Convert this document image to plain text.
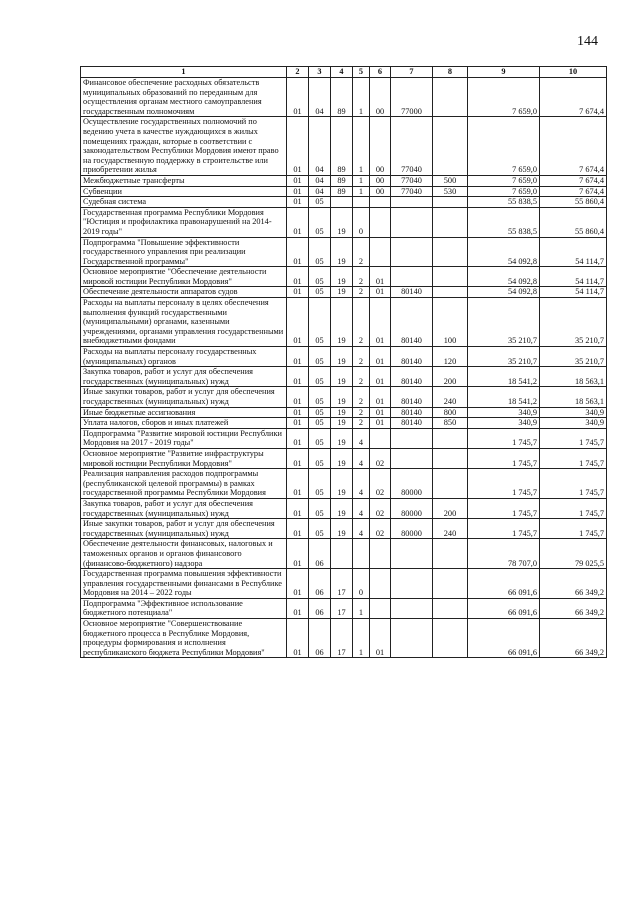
144
1	2	3	4	5	6	7	8	9	10
Финансовое обеспечение расходных обязательств муниципальных образований по переданным для осуществления органам местного самоуправления государственным полномочиям	01	04	89	1	00	77000		7 659,0	7 674,4
Осуществление государственных полномочий по ведению учета в качестве нуждающихся в жилых помещениях граждан, которые в соответствии с законодательством Республики Мордовия имеют право на государственную поддержку в строительстве или приобретении жилья	01	04	89	1	00	77040		7 659,0	7 674,4
Межбюджетные трансферты	01	04	89	1	00	77040	500	7 659,0	7 674,4
Субвенции	01	04	89	1	00	77040	530	7 659,0	7 674,4
Судебная система	01	05						55 838,5	55 860,4
Государственная программа Республики Мордовия "Юстиция и профилактика правонарушений на 2014-2019 годы"	01	05	19	0				55 838,5	55 860,4
Подпрограмма "Повышение эффективности государственного управления при реализации Государственной программы"	01	05	19	2				54 092,8	54 114,7
Основное мероприятие "Обеспечение деятельности мировой юстиции Республики Мордовия"	01	05	19	2	01			54 092,8	54 114,7
Обеспечение деятельности аппаратов судов	01	05	19	2	01	80140		54 092,8	54 114,7
Расходы на выплаты персоналу в целях обеспечения выполнения функций государственными (муниципальными) органами, казенными учреждениями, органами управления государственными внебюджетными фондами	01	05	19	2	01	80140	100	35 210,7	35 210,7
Расходы на выплаты персоналу государственных (муниципальных) органов	01	05	19	2	01	80140	120	35 210,7	35 210,7
Закупка товаров, работ и услуг для обеспечения государственных (муниципальных) нужд	01	05	19	2	01	80140	200	18 541,2	18 563,1
Иные закупки товаров, работ и услуг для обеспечения государственных (муниципальных) нужд	01	05	19	2	01	80140	240	18 541,2	18 563,1
Иные бюджетные ассигнования	01	05	19	2	01	80140	800	340,9	340,9
Уплата налогов, сборов и иных платежей	01	05	19	2	01	80140	850	340,9	340,9
Подпрограмма "Развитие мировой юстиции Республики Мордовия на 2017 - 2019 годы"	01	05	19	4				1 745,7	1 745,7
Основное мероприятие "Развитие инфраструктуры мировой юстиции Республики Мордовия"	01	05	19	4	02			1 745,7	1 745,7
Реализация направления расходов подпрограммы (республиканской целевой программы) в рамках государственной программы Республики Мордовия	01	05	19	4	02	80000		1 745,7	1 745,7
Закупка товаров, работ и услуг для обеспечения государственных (муниципальных) нужд	01	05	19	4	02	80000	200	1 745,7	1 745,7
Иные закупки товаров, работ и услуг для обеспечения государственных (муниципальных) нужд	01	05	19	4	02	80000	240	1 745,7	1 745,7
Обеспечение деятельности финансовых, налоговых и таможенных органов и органов финансового (финансово-бюджетного) надзора	01	06						78 707,0	79 025,5
Государственная программа повышения эффективности управления государственными финансами в Республике Мордовия на 2014 – 2022 годы	01	06	17	0				66 091,6	66 349,2
Подпрограмма "Эффективное использование бюджетного потенциала"	01	06	17	1				66 091,6	66 349,2
Основное мероприятие "Совершенствование бюджетного процесса в Республике Мордовия, процедуры формирования и исполнения республиканского бюджета Республики Мордовия"	01	06	17	1	01			66 091,6	66 349,2
